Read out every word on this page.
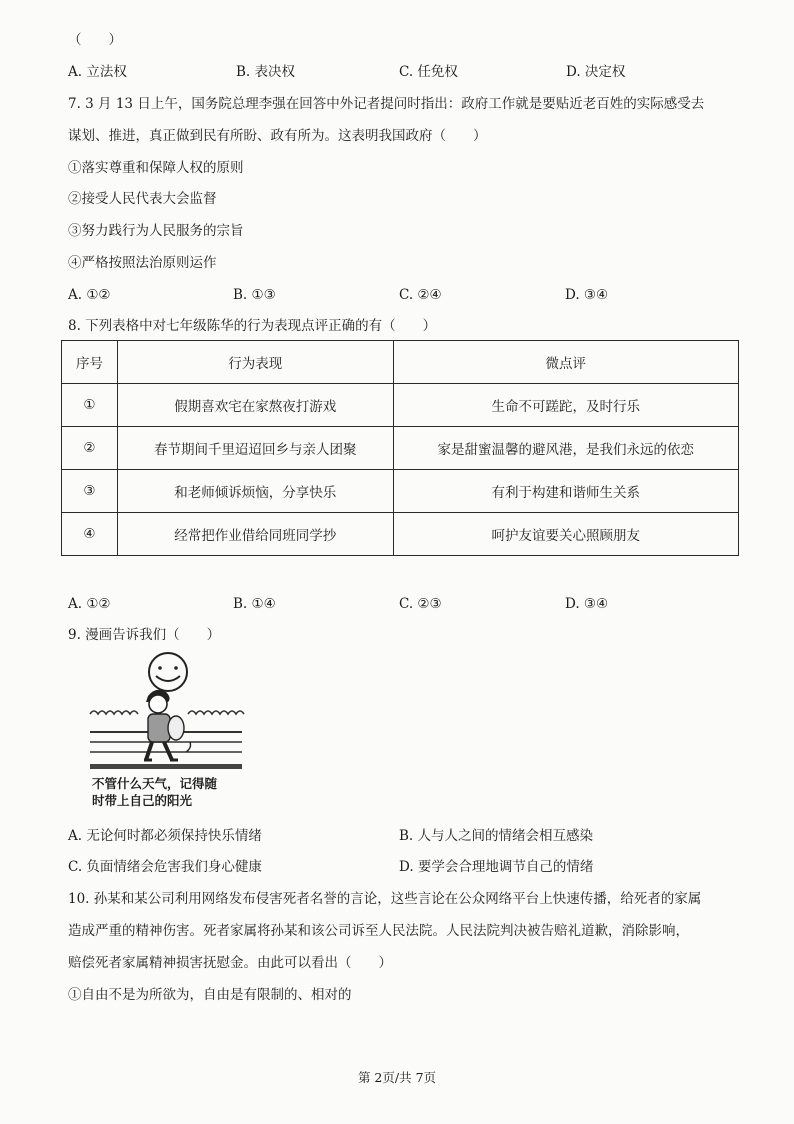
（　　）
A. 立法权	B. 表决权	C. 任免权	D. 决定权
7. 3 月 13 日上午，国务院总理李强在回答中外记者提问时指出：政府工作就是要贴近老百姓的实际感受去
谋划、推进，真正做到民有所盼、政有所为。这表明我国政府（　　）
①落实尊重和保障人权的原则
②接受人民代表大会监督
③努力践行为人民服务的宗旨
④严格按照法治原则运作
A. ①②	B. ①③	C. ②④	D. ③④
8. 下列表格中对七年级陈华的行为表现点评正确的有（　　）
序号	行为表现	微点评
①	假期喜欢宅在家熬夜打游戏	生命不可蹉跎，及时行乐
②	春节期间千里迢迢回乡与亲人团聚	家是甜蜜温馨的避风港，是我们永远的依恋
③	和老师倾诉烦恼，分享快乐	有利于构建和谐师生关系
④	经常把作业借给同班同学抄	呵护友谊要关心照顾朋友
A. ①②	B. ①④	C. ②③	D. ③④
9. 漫画告诉我们（　　）
不管什么天气，记得随
时带上自己的阳光
A. 无论何时都必须保持快乐情绪	B. 人与人之间的情绪会相互感染
C. 负面情绪会危害我们身心健康	D. 要学会合理地调节自己的情绪
10. 孙某和某公司利用网络发布侵害死者名誉的言论，这些言论在公众网络平台上快速传播，给死者的家属
造成严重的精神伤害。死者家属将孙某和该公司诉至人民法院。人民法院判决被告赔礼道歉，消除影响，
赔偿死者家属精神损害抚慰金。由此可以看出（　　）
①自由不是为所欲为，自由是有限制的、相对的
第 2页/共 7页
